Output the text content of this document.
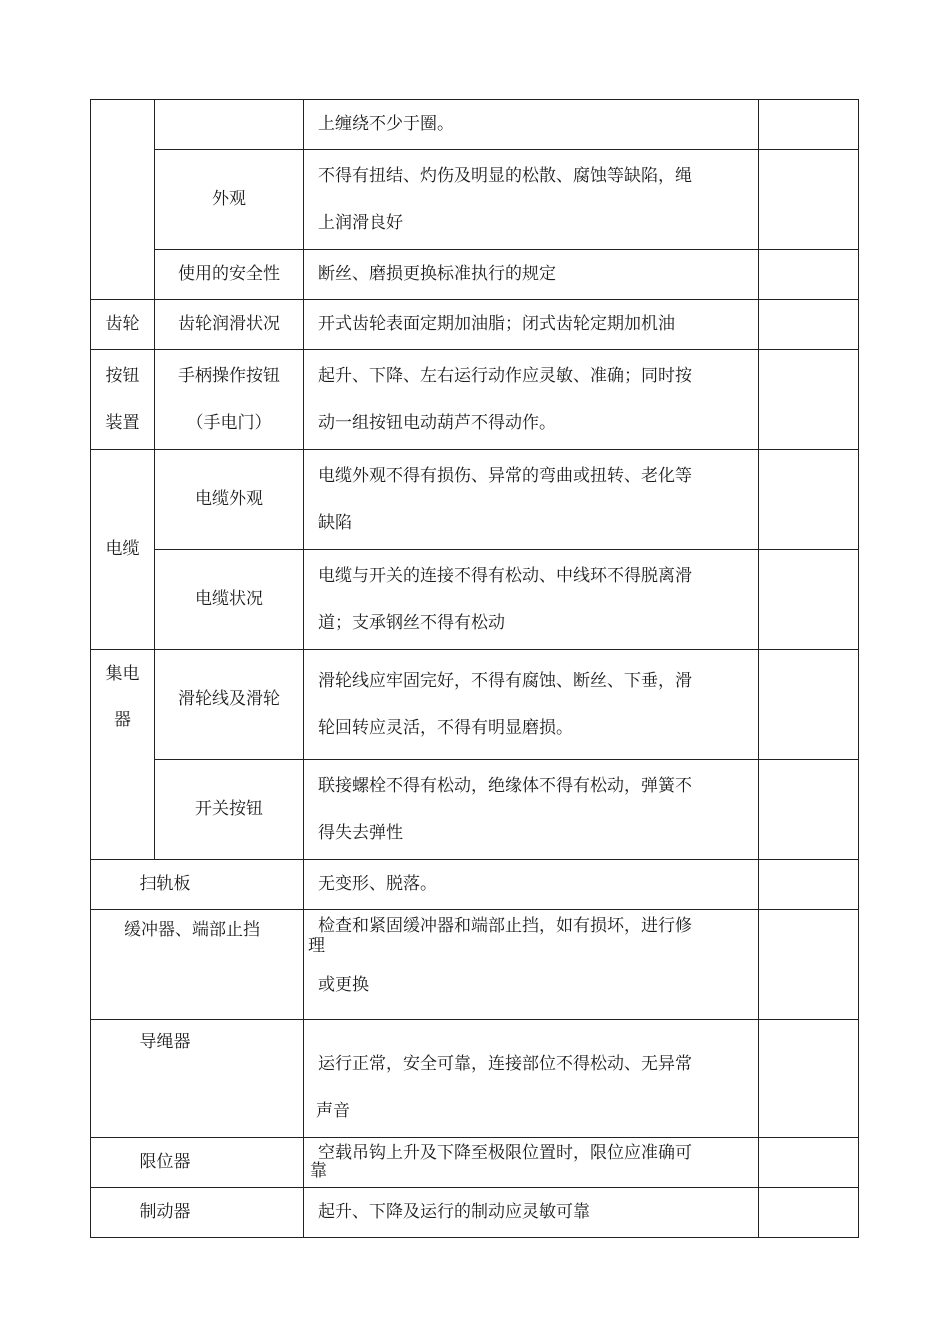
		上缠绕不少于圈。	
	外观	不得有扭结、灼伤及明显的松散、腐蚀等缺陷，绳
上润滑良好	

	使用的安全性	断丝、磨损更换标准执行的规定	
齿轮	齿轮润滑状况	开式齿轮表面定期加油脂；闭式齿轮定期加机油	

按钮
装置	手柄操作按钮
（手电门）	起升、下降、左右运行动作应灵敏、准确；同时按
动一组按钮电动葫芦不得动作。	

电缆	电缆外观	电缆外观不得有损伤、异常的弯曲或扭转、老化等
缺陷	

	电缆状况	电缆与开关的连接不得有松动、中线环不得脱离滑
道；支承钢丝不得有松动	

集电
器	滑轮线及滑轮	滑轮线应牢固完好，不得有腐蚀、断丝、下垂，滑
轮回转应灵活，不得有明显磨损。	

	开关按钮	联接螺栓不得有松动，绝缘体不得有松动，弹簧不
得失去弹性	

扫轨板		无变形、脱落。	
缓冲器、端部止挡		检查和紧固缓冲器和端部止挡，如有损坏，进行修
理
或更换	

导绳器		运行正常，安全可靠，连接部位不得松动、无异常
声音	

限位器		空载吊钩上升及下降至极限位置时，限位应准确可
靠	

制动器		起升、下降及运行的制动应灵敏可靠	
